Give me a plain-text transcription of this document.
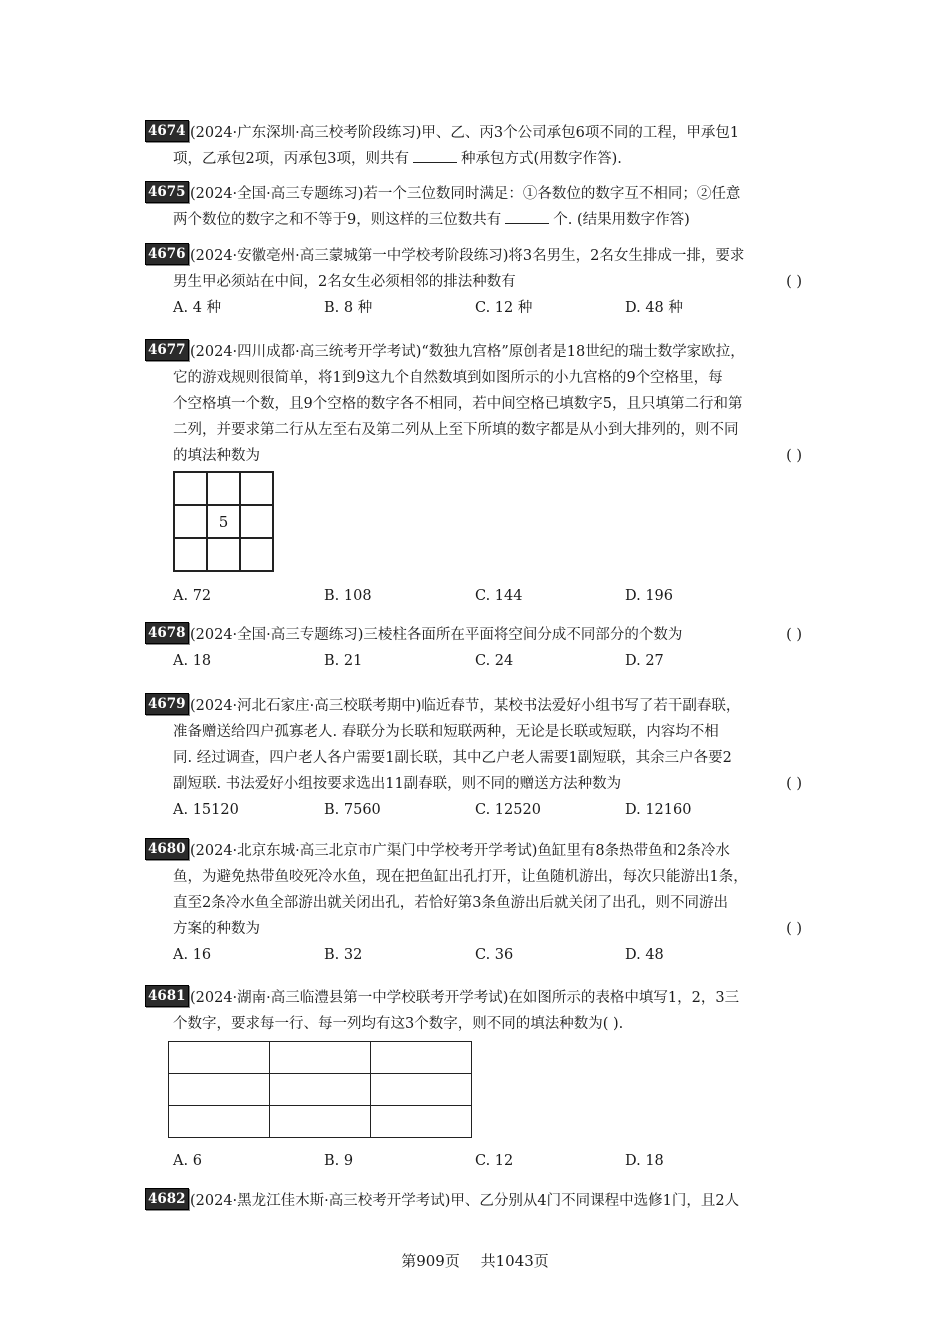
4674 (2024·广东深圳·高三校考阶段练习)甲、乙、丙3个公司承包6项不同的工程，甲承包1
项，乙承包2项，丙承包3项，则共有	种承包方式(用数字作答).
4675 (2024·全国·高三专题练习)若一个三位数同时满足：①各数位的数字互不相同；②任意
两个数位的数字之和不等于9，则这样的三位数共有	个. (结果用数字作答)
4676 (2024·安徽亳州·高三蒙城第一中学校考阶段练习)将3名男生，2名女生排成一排，要求
男生甲必须站在中间，2名女生必须相邻的排法种数有	( )
A. 4 种	B. 8 种	C. 12 种	D. 48 种
4677 (2024·四川成都·高三统考开学考试)“数独九宫格”原创者是18世纪的瑞士数学家欧拉，
它的游戏规则很简单，将1到9这九个自然数填到如图所示的小九宫格的9个空格里，每
个空格填一个数，且9个空格的数字各不相同，若中间空格已填数字5，且只填第二行和第
二列，并要求第二行从左至右及第二列从上至下所填的数字都是从小到大排列的，则不同
的填法种数为	( )

	5	

A. 72	B. 108	C. 144	D. 196
4678 (2024·全国·高三专题练习)三棱柱各面所在平面将空间分成不同部分的个数为	( )
A. 18	B. 21	C. 24	D. 27
4679 (2024·河北石家庄·高三校联考期中)临近春节，某校书法爱好小组书写了若干副春联，
准备赠送给四户孤寡老人. 春联分为长联和短联两种，无论是长联或短联，内容均不相
同. 经过调查，四户老人各户需要1副长联，其中乙户老人需要1副短联，其余三户各要2
副短联. 书法爱好小组按要求选出11副春联，则不同的赠送方法种数为	( )
A. 15120	B. 7560	C. 12520	D. 12160
4680 (2024·北京东城·高三北京市广渠门中学校考开学考试)鱼缸里有8条热带鱼和2条冷水
鱼，为避免热带鱼咬死冷水鱼，现在把鱼缸出孔打开，让鱼随机游出，每次只能游出1条，
直至2条冷水鱼全部游出就关闭出孔，若恰好第3条鱼游出后就关闭了出孔，则不同游出
方案的种数为	( )
A. 16	B. 32	C. 36	D. 48
4681 (2024·湖南·高三临澧县第一中学校联考开学考试)在如图所示的表格中填写1，2，3三
个数字，要求每一行、每一列均有这3个数字，则不同的填法种数为( ).

A. 6	B. 9	C. 12	D. 18
4682 (2024·黑龙江佳木斯·高三校考开学考试)甲、乙分别从4门不同课程中选修1门，且2人
第909页 共1043页
